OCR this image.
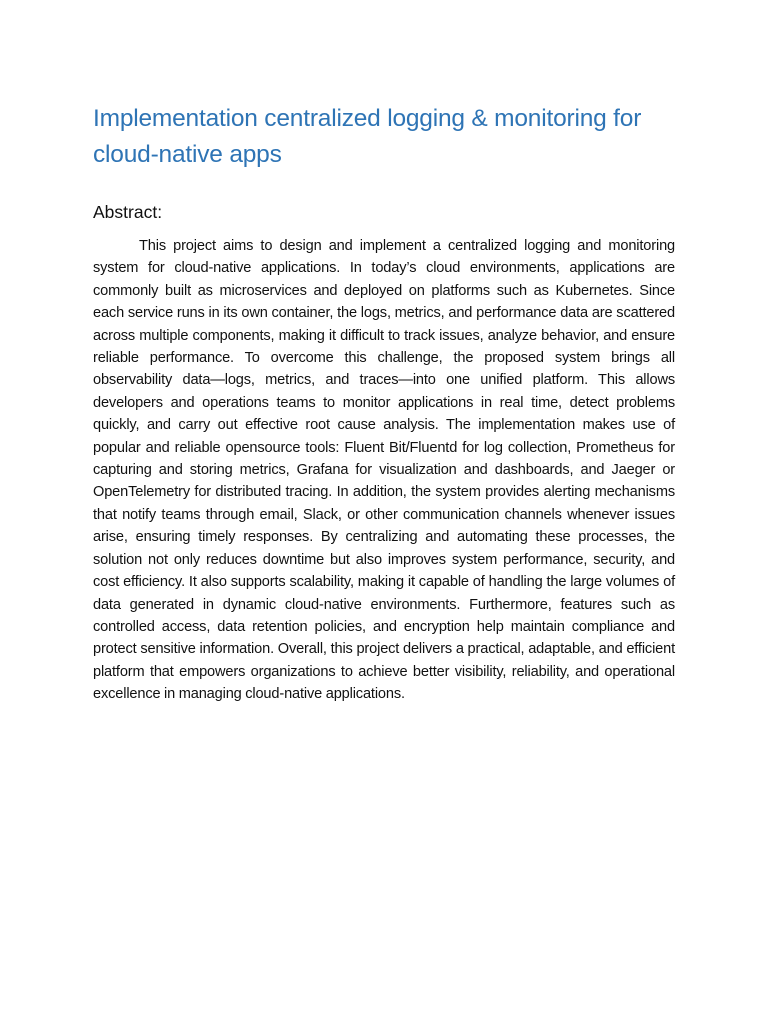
Implementation centralized logging & monitoring for cloud-native apps
Abstract:

This project aims to design and implement a centralized logging and monitoring system for cloud-native applications. In today’s cloud environments, applications are commonly built as microservices and deployed on platforms such as Kubernetes. Since each service runs in its own container, the logs, metrics, and performance data are scattered across multiple components, making it difficult to track issues, analyze behavior, and ensure reliable performance. To overcome this challenge, the proposed system brings all observability data—logs, metrics, and traces—into one unified platform. This allows developers and operations teams to monitor applications in real time, detect problems quickly, and carry out effective root cause analysis. The implementation makes use of popular and reliable opensource tools: Fluent Bit/Fluentd for log collection, Prometheus for capturing and storing metrics, Grafana for visualization and dashboards, and Jaeger or OpenTelemetry for distributed tracing. In addition, the system provides alerting mechanisms that notify teams through email, Slack, or other communication channels whenever issues arise, ensuring timely responses. By centralizing and automating these processes, the solution not only reduces downtime but also improves system performance, security, and cost efficiency. It also supports scalability, making it capable of handling the large volumes of data generated in dynamic cloud-native environments. Furthermore, features such as controlled access, data retention policies, and encryption help maintain compliance and protect sensitive information. Overall, this project delivers a practical, adaptable, and efficient platform that empowers organizations to achieve better visibility, reliability, and operational excellence in managing cloud-native applications.
